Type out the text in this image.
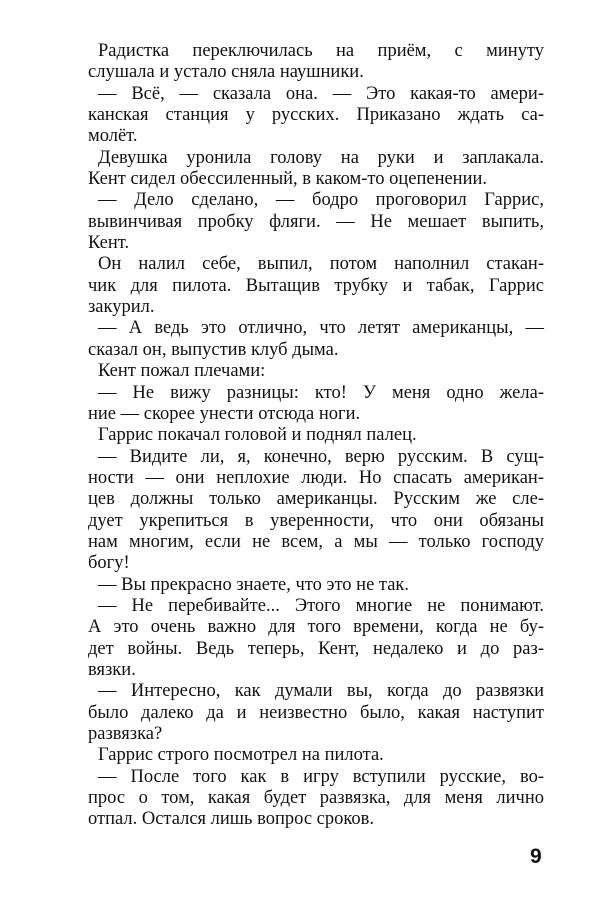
Радистка переключилась на приём, с минуту
слушала и устало сняла наушники.
— Всё, — сказала она. — Это какая-то амери-
канская станция у русских. Приказано ждать са-
молёт.
Девушка уронила голову на руки и заплакала.
Кент сидел обессиленный, в каком-то оцепенении.
— Дело сделано, — бодро проговорил Гаррис,
вывинчивая пробку фляги. — Не мешает выпить,
Кент.
Он налил себе, выпил, потом наполнил стакан-
чик для пилота. Вытащив трубку и табак, Гаррис
закурил.
— А ведь это отлично, что летят американцы, —
сказал он, выпустив клуб дыма.
Кент пожал плечами:
— Не вижу разницы: кто! У меня одно жела-
ние — скорее унести отсюда ноги.
Гаррис покачал головой и поднял палец.
— Видите ли, я, конечно, верю русским. В сущ-
ности — они неплохие люди. Но спасать американ-
цев должны только американцы. Русским же сле-
дует укрепиться в уверенности, что они обязаны
нам многим, если не всем, а мы — только господу
богу!
— Вы прекрасно знаете, что это не так.
— Не перебивайте... Этого многие не понимают.
А это очень важно для того времени, когда не бу-
дет войны. Ведь теперь, Кент, недалеко и до раз-
вязки.
— Интересно, как думали вы, когда до развязки
было далеко да и неизвестно было, какая наступит
развязка?
Гаррис строго посмотрел на пилота.
— После того как в игру вступили русские, во-
прос о том, какая будет развязка, для меня лично
отпал. Остался лишь вопрос сроков.
9
